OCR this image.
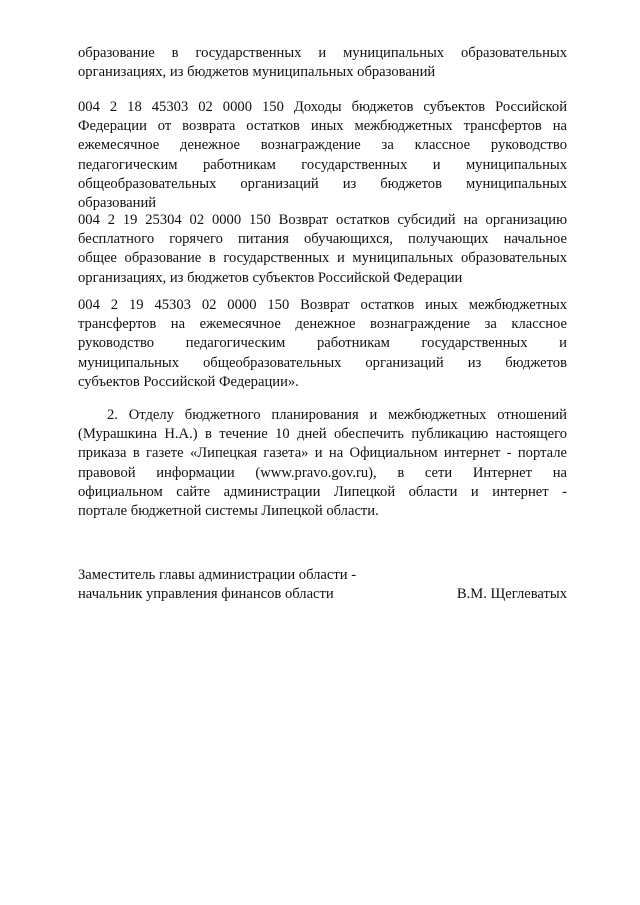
образование в государственных и муниципальных образовательных
организациях, из бюджетов муниципальных образований
004 2 18 45303 02 0000 150 Доходы бюджетов субъектов Российской
Федерации от возврата остатков иных межбюджетных трансфертов на
ежемесячное денежное вознаграждение за классное руководство
педагогическим работникам государственных и муниципальных
общеобразовательных организаций из бюджетов муниципальных
образований
004 2 19 25304 02 0000 150 Возврат остатков субсидий на организацию
бесплатного горячего питания обучающихся, получающих начальное
общее образование в государственных и муниципальных образовательных
организациях, из бюджетов субъектов Российской Федерации
004 2 19 45303 02 0000 150 Возврат остатков иных межбюджетных
трансфертов на ежемесячное денежное вознаграждение за классное
руководство педагогическим работникам государственных и
муниципальных общеобразовательных организаций из бюджетов
субъектов Российской Федерации».
2. Отделу бюджетного планирования и межбюджетных отношений
(Мурашкина Н.А.) в течение 10 дней обеспечить публикацию настоящего
приказа в газете «Липецкая газета» и на Официальном интернет - портале
правовой информации (www.pravo.gov.ru), в сети Интернет на
официальном сайте администрации Липецкой области и интернет -
портале бюджетной системы Липецкой области.
Заместитель главы администрации области -
начальник управления финансов области	В.М. Щеглеватых
